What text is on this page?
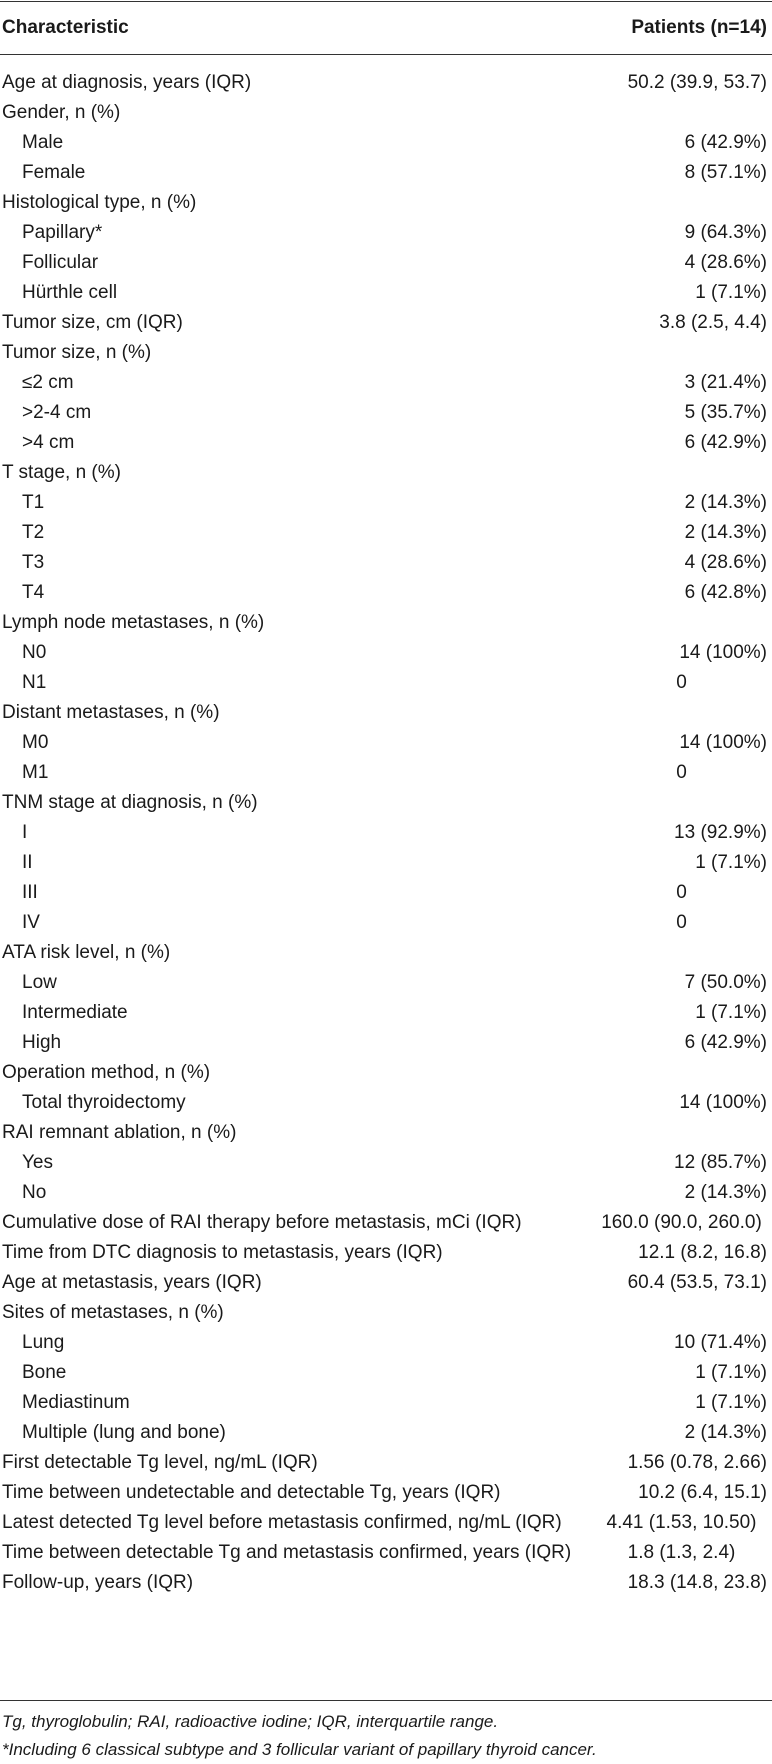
Characteristic	Patients (n=14)
Age at diagnosis, years (IQR)	50.2 (39.9, 53.7)
Gender, n (%)
Male	6 (42.9%)
Female	8 (57.1%)
Histological type, n (%)
Papillary*	9 (64.3%)
Follicular	4 (28.6%)
Hürthle cell	1 (7.1%)
Tumor size, cm (IQR)	3.8 (2.5, 4.4)
Tumor size, n (%)
≤2 cm	3 (21.4%)
>2-4 cm	5 (35.7%)
>4 cm	6 (42.9%)
T stage, n (%)
T1	2 (14.3%)
T2	2 (14.3%)
T3	4 (28.6%)
T4	6 (42.8%)
Lymph node metastases, n (%)
N0	14 (100%)
N1	0
Distant metastases, n (%)
M0	14 (100%)
M1	0
TNM stage at diagnosis, n (%)
I	13 (92.9%)
II	1 (7.1%)
III	0
IV	0
ATA risk level, n (%)
Low	7 (50.0%)
Intermediate	1 (7.1%)
High	6 (42.9%)
Operation method, n (%)
Total thyroidectomy	14 (100%)
RAI remnant ablation, n (%)
Yes	12 (85.7%)
No	2 (14.3%)
Cumulative dose of RAI therapy before metastasis, mCi (IQR)	160.0 (90.0, 260.0)
Time from DTC diagnosis to metastasis, years (IQR)	12.1 (8.2, 16.8)
Age at metastasis, years (IQR)	60.4 (53.5, 73.1)
Sites of metastases, n (%)
Lung	10 (71.4%)
Bone	1 (7.1%)
Mediastinum	1 (7.1%)
Multiple (lung and bone)	2 (14.3%)
First detectable Tg level, ng/mL (IQR)	1.56 (0.78, 2.66)
Time between undetectable and detectable Tg, years (IQR)	10.2 (6.4, 15.1)
Latest detected Tg level before metastasis confirmed, ng/mL (IQR)	4.41 (1.53, 10.50)
Time between detectable Tg and metastasis confirmed, years (IQR)	1.8 (1.3, 2.4)
Follow-up, years (IQR)	18.3 (14.8, 23.8)
Tg, thyroglobulin; RAI, radioactive iodine; IQR, interquartile range.
*Including 6 classical subtype and 3 follicular variant of papillary thyroid cancer.
